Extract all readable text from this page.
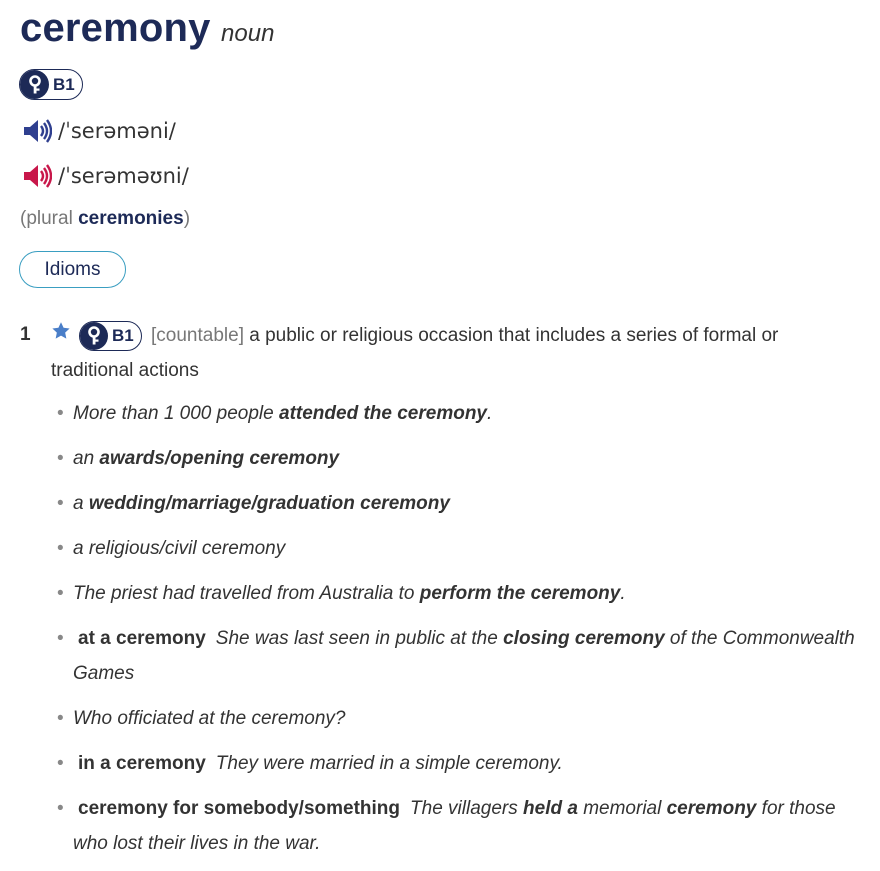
ceremony noun
B1
/ˈserəməni/
/ˈserəməʊni/
(plural ceremonies)
Idioms
1	B1 [countable] a public or religious occasion that includes a series of formal or traditional actions
• More than 1 000 people attended the ceremony.
• an awards/opening ceremony
• a wedding/marriage/graduation ceremony
• a religious/civil ceremony
• The priest had travelled from Australia to perform the ceremony.
• at a ceremony She was last seen in public at the closing ceremony of the Commonwealth Games
• Who officiated at the ceremony?
• in a ceremony They were married in a simple ceremony.
• ceremony for somebody/something The villagers held a memorial ceremony for those who lost their lives in the war.
